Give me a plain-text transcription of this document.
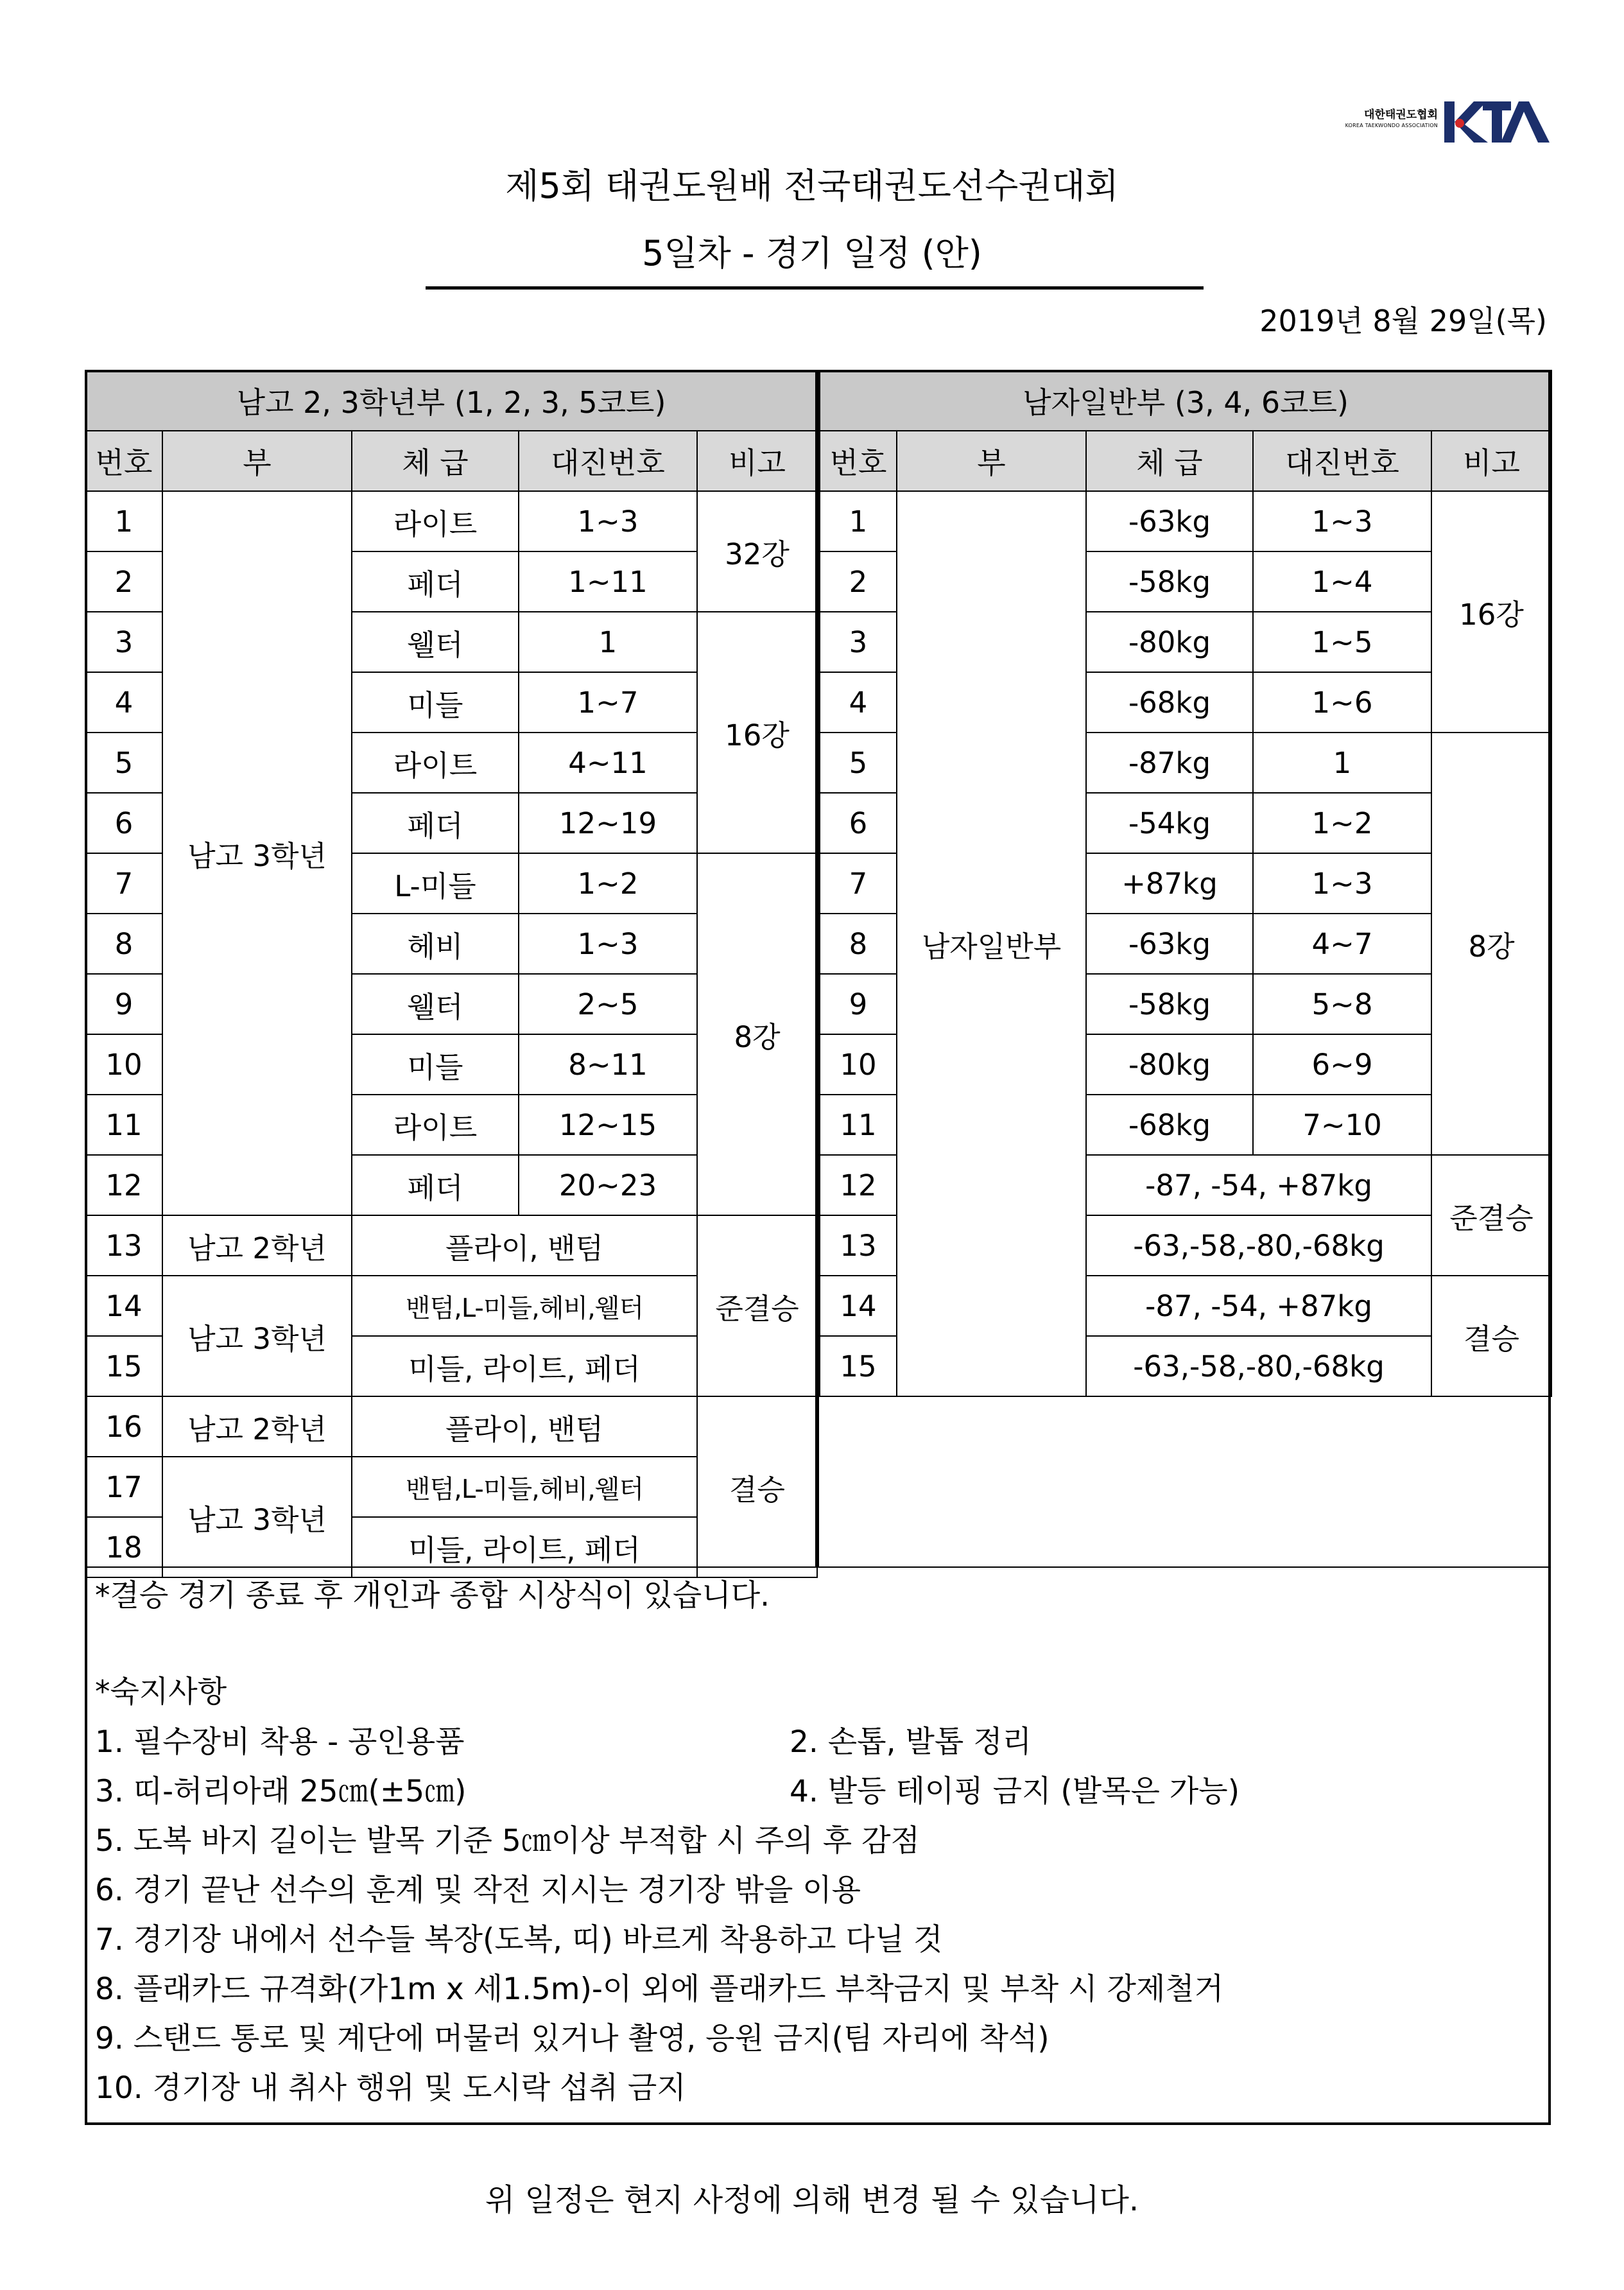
대한태권도협회
KOREA TAEKWONDO ASSOCIATION
제5회 태권도원배 전국태권도선수권대회
5일차 - 경기 일정 (안)
2019년 8월 29일(목)
남고 2, 3학년부 (1, 2, 3, 5코트)				
번호	부	체 급	대진번호	비고
1	남고 3학년	라이트	1~3	32강
2		페더	1~11	
3		웰터	1	16강
4		미들	1~7	
5		라이트	4~11	
6		페더	12~19	
7		L-미들	1~2	8강
8		헤비	1~3	
9		웰터	2~5	
10		미들	8~11	
11		라이트	12~15	
12		페더	20~23	
13	남고 2학년	플라이, 밴텀		준결승
14	남고 3학년	밴텀,L-미들,헤비,웰터		
15		미들, 라이트, 페더		
16	남고 2학년	플라이, 밴텀		결승
17	남고 3학년	밴텀,L-미들,헤비,웰터		
18		미들, 라이트, 페더		
남자일반부 (3, 4, 6코트)				
번호	부	체 급	대진번호	비고
1	남자일반부	-63kg	1~3	16강
2		-58kg	1~4	
3		-80kg	1~5	
4		-68kg	1~6	
5		-87kg	1	8강
6		-54kg	1~2	
7		+87kg	1~3	
8		-63kg	4~7	
9		-58kg	5~8	
10		-80kg	6~9	
11		-68kg	7~10	
12		-87, -54, +87kg		준결승
13		-63,-58,-80,-68kg		
14		-87, -54, +87kg		결승
15		-63,-58,-80,-68kg		
*결승 경기 종료 후 개인과 종합 시상식이 있습니다.
*숙지사항
1. 필수장비 착용 - 공인용품	2. 손톱, 발톱 정리
3. 띠-허리아래 25㎝(±5㎝)	4. 발등 테이핑 금지 (발목은 가능)
5. 도복 바지 길이는 발목 기준 5㎝이상 부적합 시 주의 후 감점
6. 경기 끝난 선수의 훈계 및 작전 지시는 경기장 밖을 이용
7. 경기장 내에서 선수들 복장(도복, 띠) 바르게 착용하고 다닐 것
8. 플래카드 규격화(가1m x 세1.5m)-이 외에 플래카드 부착금지 및 부착 시 강제철거
9. 스탠드 통로 및 계단에 머물러 있거나 촬영, 응원 금지(팀 자리에 착석)
10. 경기장 내 취사 행위 및 도시락 섭취 금지
위 일정은 현지 사정에 의해 변경 될 수 있습니다.
